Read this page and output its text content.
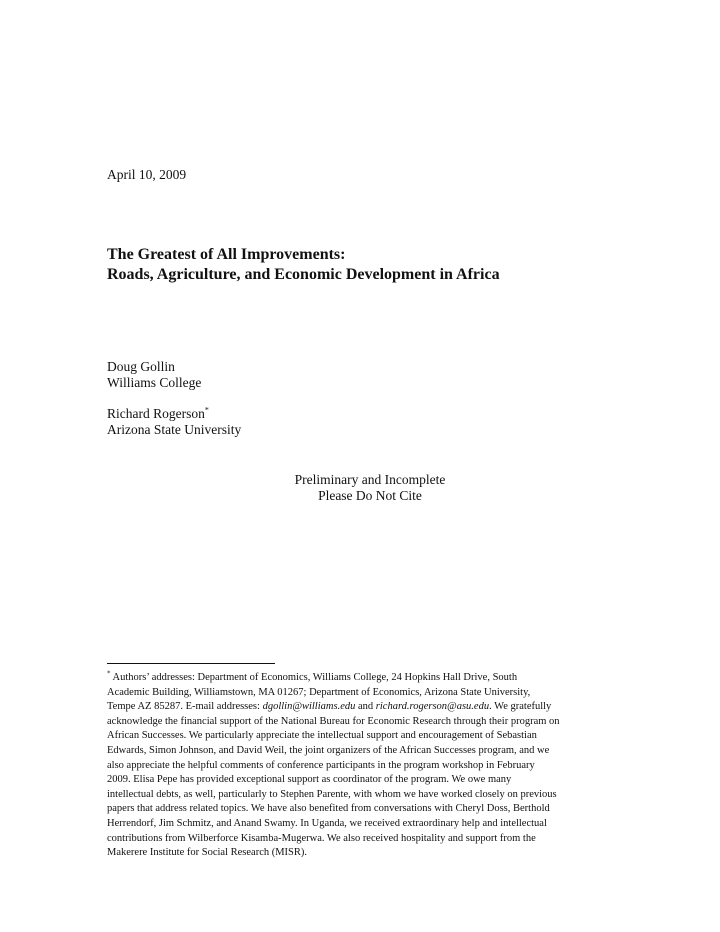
April 10, 2009
The Greatest of All Improvements:
Roads, Agriculture, and Economic Development in Africa
Doug Gollin
Williams College
Richard Rogerson*
Arizona State University
Preliminary and Incomplete
Please Do Not Cite
* Authors’ addresses: Department of Economics, Williams College, 24 Hopkins Hall Drive, South
Academic Building, Williamstown, MA 01267; Department of Economics, Arizona State University,
Tempe AZ 85287. E-mail addresses: dgollin@williams.edu and richard.rogerson@asu.edu. We gratefully
acknowledge the financial support of the National Bureau for Economic Research through their program on
African Successes. We particularly appreciate the intellectual support and encouragement of Sebastian
Edwards, Simon Johnson, and David Weil, the joint organizers of the African Successes program, and we
also appreciate the helpful comments of conference participants in the program workshop in February
2009. Elisa Pepe has provided exceptional support as coordinator of the program. We owe many
intellectual debts, as well, particularly to Stephen Parente, with whom we have worked closely on previous
papers that address related topics. We have also benefited from conversations with Cheryl Doss, Berthold
Herrendorf, Jim Schmitz, and Anand Swamy. In Uganda, we received extraordinary help and intellectual
contributions from Wilberforce Kisamba-Mugerwa. We also received hospitality and support from the
Makerere Institute for Social Research (MISR).
